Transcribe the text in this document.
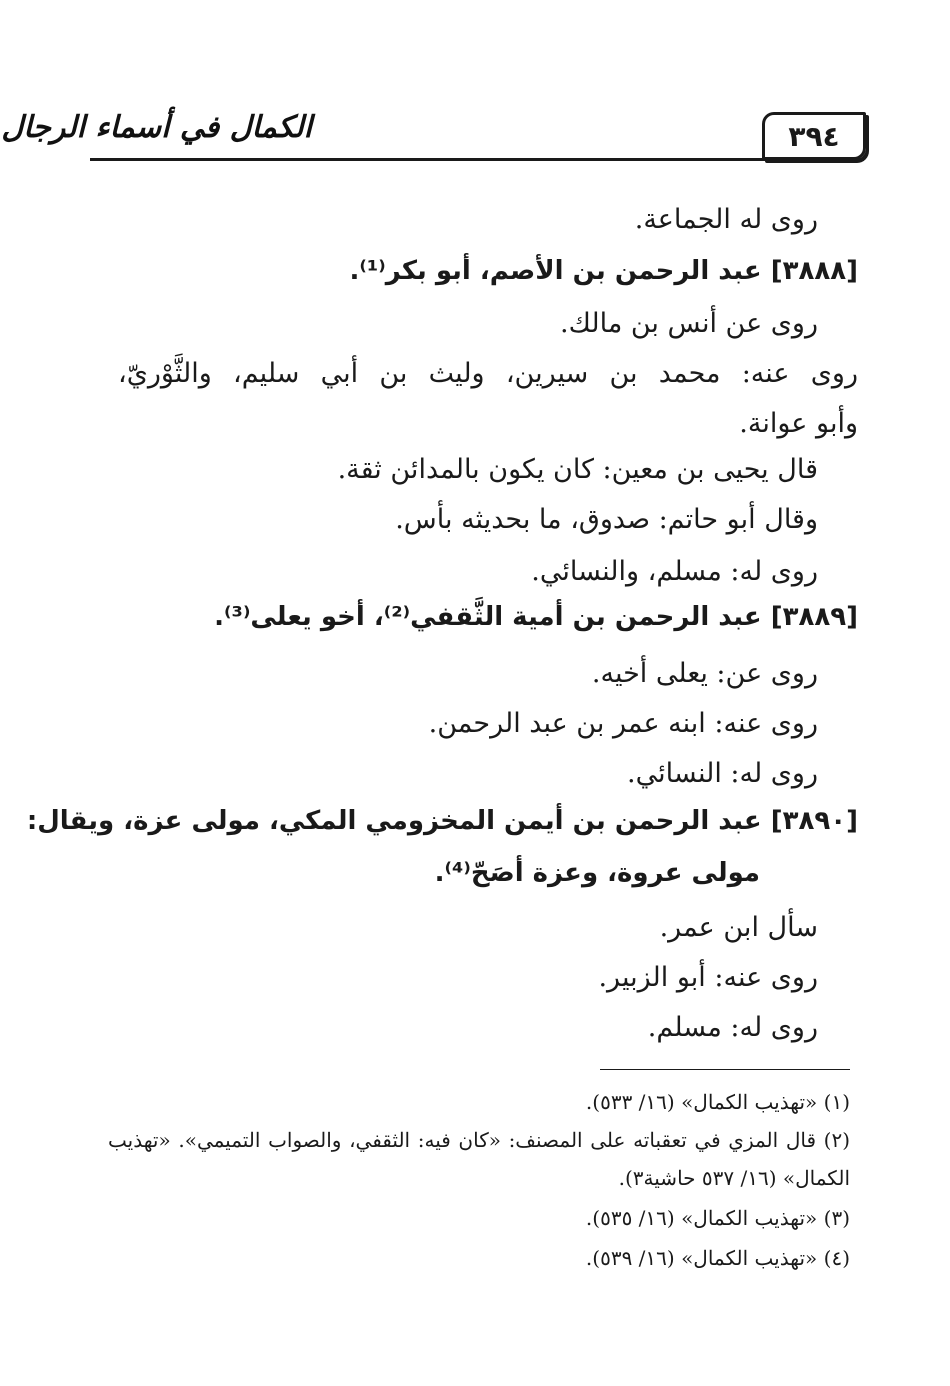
٣٩٤
الكمال في أسماء الرجال
روى له الجماعة.
[٣٨٨٨] عبد الرحمن بن الأصم، أبو بكر⁽¹⁾.
روى عن أنس بن مالك.
روى عنه: محمد بن سيرين، وليث بن أبي سليم، والثَّوْريّ،
وأبو عوانة.
قال يحيى بن معين: كان يكون بالمدائن ثقة.
وقال أبو حاتم: صدوق، ما بحديثه بأس.
روى له: مسلم، والنسائي.
[٣٨٨٩] عبد الرحمن بن أمية الثَّقفي⁽²⁾، أخو يعلى⁽³⁾.
روى عن: يعلى أخيه.
روى عنه: ابنه عمر بن عبد الرحمن.
روى له: النسائي.
[٣٨٩٠] عبد الرحمن بن أيمن المخزومي المكي، مولى عزة، ويقال:
مولى عروة، وعزة أصَحّ⁽⁴⁾.
سأل ابن عمر.
روى عنه: أبو الزبير.
روى له: مسلم.
(١) «تهذيب الكمال» (١٦/ ٥٣٣).
(٢) قال المزي في تعقباته على المصنف: «كان فيه: الثقفي، والصواب التميمي». «تهذيب
الكمال» (١٦/ ٥٣٧ حاشية٣).
(٣) «تهذيب الكمال» (١٦/ ٥٣٥).
(٤) «تهذيب الكمال» (١٦/ ٥٣٩).
